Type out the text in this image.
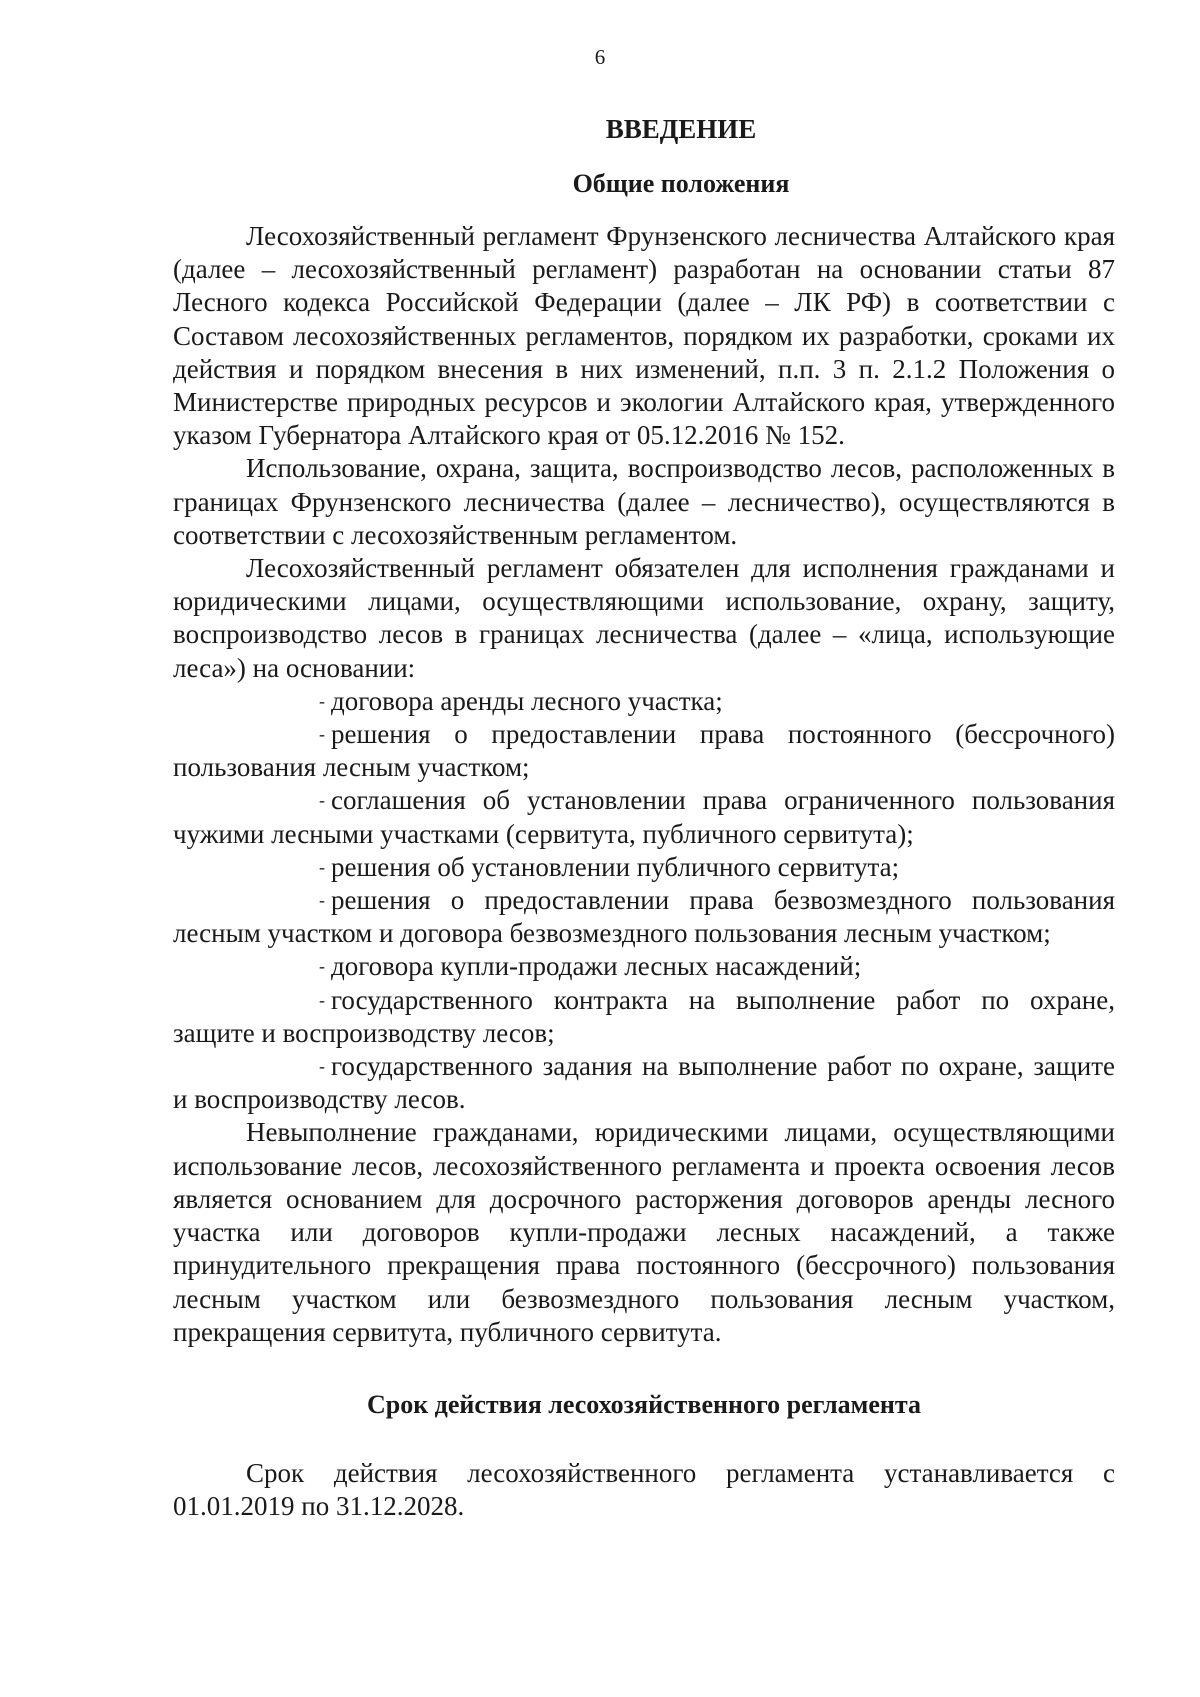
6
ВВЕДЕНИЕ
Общие положения

Лесохозяйственный регламент Фрунзенского лесничества Алтайского края (далее – лесохозяйственный регламент) разработан на основании статьи 87 Лесного кодекса Российской Федерации (далее – ЛК РФ) в соответствии с Составом лесохозяйственных регламентов, порядком их разработки, сроками их действия и порядком внесения в них изменений, п.п. 3 п. 2.1.2 Положения о Министерстве природных ресурсов и экологии Алтайского края, утвержденного указом Губернатора Алтайского края от 05.12.2016 № 152.

Использование, охрана, защита, воспроизводство лесов, расположенных в границах Фрунзенского лесничества (далее – лесничество), осуществляются в соответствии с лесохозяйственным регламентом.

Лесохозяйственный регламент обязателен для исполнения гражданами и юридическими лицами, осуществляющими использование, охрану, защиту, воспроизводство лесов в границах лесничества (далее – «лица, использующие леса») на основании:

- договора аренды лесного участка;

- решения о предоставлении права постоянного (бессрочного) пользования лесным участком;

- соглашения об установлении права ограниченного пользования чужими лесными участками (сервитута, публичного сервитута);

- решения об установлении публичного сервитута;

- решения о предоставлении права безвозмездного пользования лесным участком и договора безвозмездного пользования лесным участком;

- договора купли-продажи лесных насаждений;

- государственного контракта на выполнение работ по охране, защите и воспроизводству лесов;

- государственного задания на выполнение работ по охране, защите и воспроизводству лесов.

Невыполнение гражданами, юридическими лицами, осуществляющими использование лесов, лесохозяйственного регламента и проекта освоения лесов является основанием для досрочного расторжения договоров аренды лесного участка или договоров купли-продажи лесных насаждений, а также принудительного прекращения права постоянного (бессрочного) пользования лесным участком или безвозмездного пользования лесным участком, прекращения сервитута, публичного сервитута.

Срок действия лесохозяйственного регламента

Срок действия лесохозяйственного регламента устанавливается с 01.01.2019 по 31.12.2028.
